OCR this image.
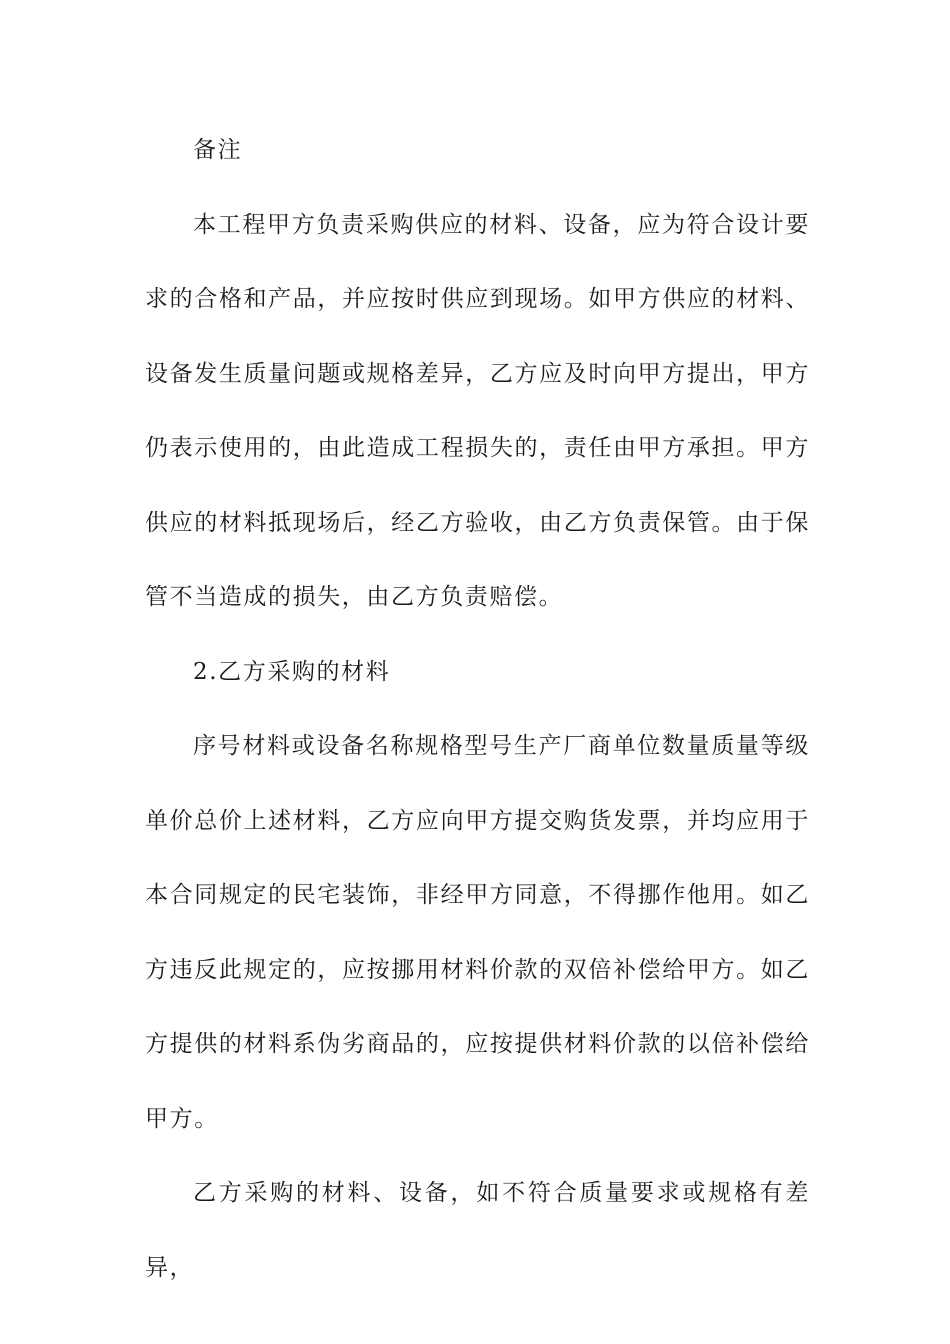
备注

本工程甲方负责采购供应的材料、设备，应为符合设计要求的合格和产品，并应按时供应到现场。如甲方供应的材料、设备发生质量问题或规格差异，乙方应及时向甲方提出，甲方仍表示使用的，由此造成工程损失的，责任由甲方承担。甲方供应的材料抵现场后，经乙方验收，由乙方负责保管。由于保管不当造成的损失，由乙方负责赔偿。

2.乙方采购的材料

序号材料或设备名称规格型号生产厂商单位数量质量等级单价总价上述材料，乙方应向甲方提交购货发票，并均应用于本合同规定的民宅装饰，非经甲方同意，不得挪作他用。如乙方违反此规定的，应按挪用材料价款的双倍补偿给甲方。如乙方提供的材料系伪劣商品的，应按提供材料价款的以倍补偿给甲方。

乙方采购的材料、设备，如不符合质量要求或规格有差异，
